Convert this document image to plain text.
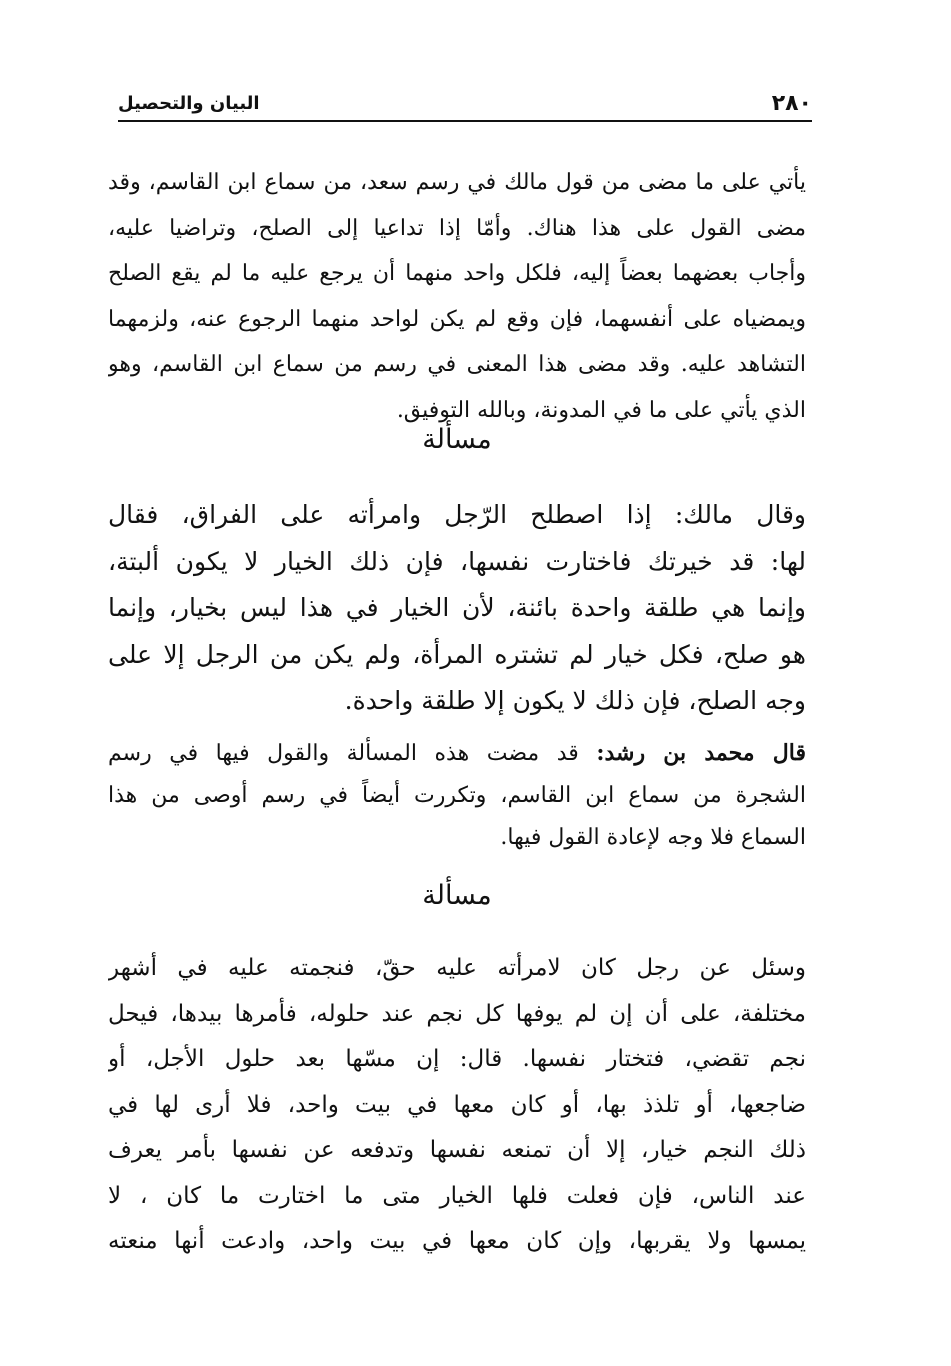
٢٨٠
البيان والتحصيل
يأتي على ما مضى من قول مالك في رسم سعد، من سماع ابن القاسم، وقد
مضى القول على هذا هناك. وأمّا إذا تداعيا إلى الصلح، وتراضيا عليه،
وأجاب بعضهما بعضاً إليه، فلكل واحد منهما أن يرجع عليه ما لم يقع الصلح
ويمضياه على أنفسهما، فإن وقع لم يكن لواحد منهما الرجوع عنه، ولزمهما
التشاهد عليه. وقد مضى هذا المعنى في رسم من سماع ابن القاسم، وهو
الذي يأتي على ما في المدونة، وبالله التوفيق.
مسألة
وقال مالك: إذا اصطلح الرّجل وامرأته على الفراق، فقال
لها: قد خيرتك فاختارت نفسها، فإن ذلك الخيار لا يكون ألبتة،
وإنما هي طلقة واحدة بائنة، لأن الخيار في هذا ليس بخيار، وإنما
هو صلح، فكل خيار لم تشتره المرأة، ولم يكن من الرجل إلا على
وجه الصلح، فإن ذلك لا يكون إلا طلقة واحدة.
قال محمد بن رشد: قد مضت هذه المسألة والقول فيها في رسم
الشجرة من سماع ابن القاسم، وتكررت أيضاً في رسم أوصى من هذا
السماع فلا وجه لإعادة القول فيها.
مسألة
وسئل عن رجل كان لامرأته عليه حقّ، فنجمته عليه في أشهر
مختلفة، على أن إن لم يوفها كل نجم عند حلوله، فأمرها بيدها، فيحل
نجم تقضي، فتختار نفسها. قال: إن مسّها بعد حلول الأجل، أو
ضاجعها، أو تلذذ بها، أو كان معها في بيت واحد، فلا أرى لها في
ذلك النجم خيار، إلا أن تمنعه نفسها وتدفعه عن نفسها بأمر يعرف
عند الناس، فإن فعلت فلها الخيار متى ما اختارت ما كان ، لا
يمسها ولا يقربها، وإن كان معها في بيت واحد، وادعت أنها منعته
